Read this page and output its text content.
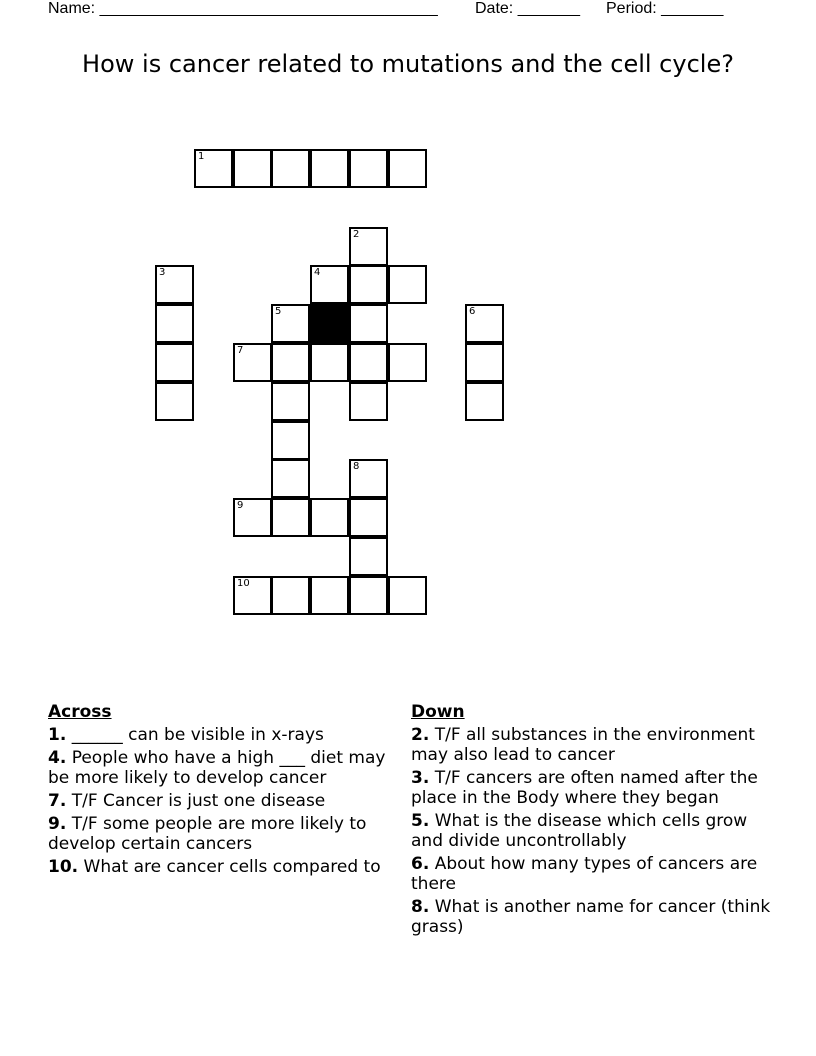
Name: ______________________________________ Date: _______ Period: _______
How is cancer related to mutations and the cell cycle?
1
2
3	4
5	6
7
8
9
10
Across
1. ______ can be visible in x-rays
4. People who have a high ___ diet may be more likely to develop cancer
7. T/F Cancer is just one disease
9. T/F some people are more likely to develop certain cancers
10. What are cancer cells compared to
Down
2. T/F all substances in the environment may also lead to cancer
3. T/F cancers are often named after the place in the Body where they began
5. What is the disease which cells grow and divide uncontrollably
6. About how many types of cancers are there
8. What is another name for cancer (think grass)
